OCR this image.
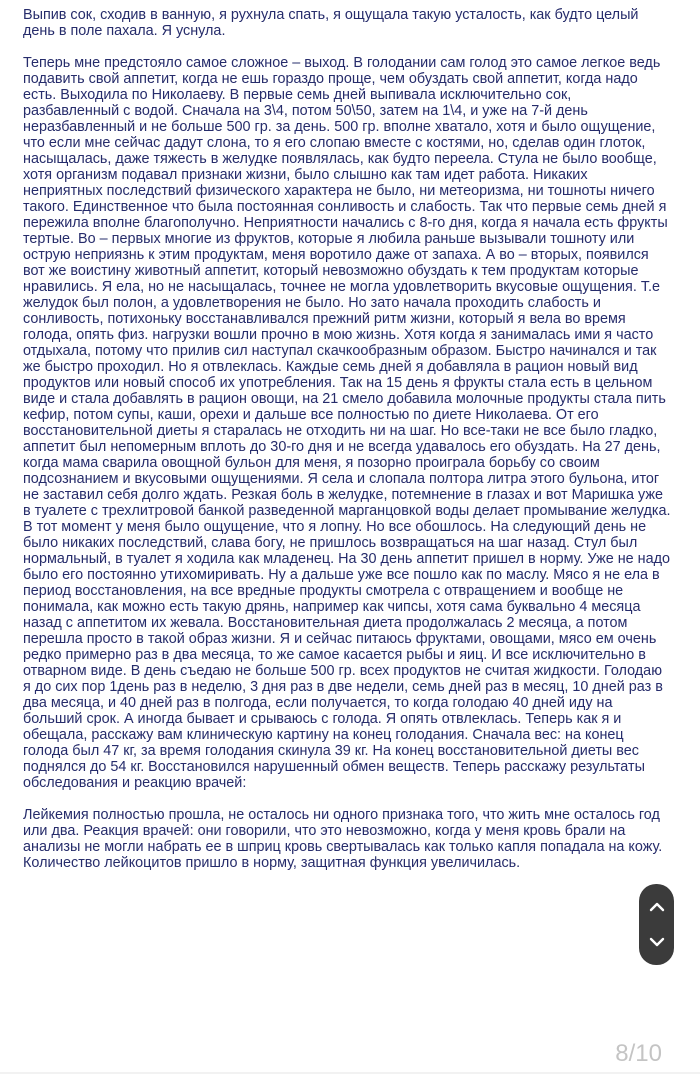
Выпив сок, сходив в ванную, я рухнула спать, я ощущала такую усталость, как будто целый день в поле пахала. Я уснула.

Теперь мне предстояло самое сложное – выход. В голодании сам голод это самое легкое ведь подавить свой аппетит, когда не ешь гораздо проще, чем обуздать свой аппетит, когда надо есть. Выходила по Николаеву. В первые семь дней выпивала исключительно сок, разбавленный с водой. Сначала на 3\4, потом 50\50, затем на 1\4, и уже на 7-й день неразбавленный и не больше 500 гр. за день. 500 гр. вполне хватало, хотя и было ощущение, что если мне сейчас дадут слона, то я его слопаю вместе с костями, но, сделав один глоток, насыщалась, даже тяжесть в желудке появлялась, как будто переела. Стула не было вообще, хотя организм подавал признаки жизни, было слышно как там идет работа. Никаких неприятных последствий физического характера не было, ни метеоризма, ни тошноты ничего такого. Единственное что была постоянная сонливость и слабость. Так что первые семь дней я пережила вполне благополучно. Неприятности начались с 8-го дня, когда я начала есть фрукты тертые. Во – первых многие из фруктов, которые я любила раньше вызывали тошноту или острую неприязнь к этим продуктам, меня воротило даже от запаха. А во – вторых, появился вот же воистину животный аппетит, который невозможно обуздать к тем продуктам которые нравились. Я ела, но не насыщалась, точнее не могла удовлетворить вкусовые ощущения. Т.е желудок был полон, а удовлетворения не было. Но зато начала проходить слабость и сонливость, потихоньку восстанавливался прежний ритм жизни, который я вела во время голода, опять физ. нагрузки вошли прочно в мою жизнь. Хотя когда я занималась ими я часто отдыхала, потому что прилив сил наступал скачкообразным образом. Быстро начинался и так же быстро проходил. Но я отвлеклась. Каждые семь дней я добавляла в рацион новый вид продуктов или новый способ их употребления. Так на 15 день я фрукты стала есть в цельном виде и стала добавлять в рацион овощи, на 21 смело добавила молочные продукты стала пить кефир, потом супы, каши, орехи и дальше все полностью по диете Николаева. От его восстановительной диеты я старалась не отходить ни на шаг. Но все-таки не все было гладко, аппетит был непомерным вплоть до 30-го дня и не всегда удавалось его обуздать. На 27 день, когда мама сварила овощной бульон для меня, я позорно проиграла борьбу со своим подсознанием и вкусовыми ощущениями. Я села и слопала полтора литра этого бульона, итог не заставил себя долго ждать. Резкая боль в желудке, потемнение в глазах и вот Маришка уже в туалете с трехлитровой банкой разведенной марганцовкой воды делает промывание желудка. В тот момент у меня было ощущение, что я лопну. Но все обошлось. На следующий день не было никаких последствий, слава богу, не пришлось возвращаться на шаг назад. Стул был нормальный, в туалет я ходила как младенец. На 30 день аппетит пришел в норму. Уже не надо было его постоянно утихомиривать. Ну а дальше уже все пошло как по маслу. Мясо я не ела в период восстановления, на все вредные продукты смотрела с отвращением и вообще не понимала, как можно есть такую дрянь, например как чипсы, хотя сама буквально 4 месяца назад с аппетитом их жевала. Восстановительная диета продолжалась 2 месяца, а потом перешла просто в такой образ жизни. Я и сейчас питаюсь фруктами, овощами, мясо ем очень редко примерно раз в два месяца, то же самое касается рыбы и яиц. И все исключительно в отварном виде. В день съедаю не больше 500 гр. всех продуктов не считая жидкости. Голодаю я до сих пор 1день раз в неделю, 3 дня раз в две недели, семь дней раз в месяц, 10 дней раз в два месяца, и 40 дней раз в полгода, если получается, то когда голодаю 40 дней иду на больший срок. А иногда бывает и срываюсь с голода. Я опять отвлеклась. Теперь как я и обещала, расскажу вам клиническую картину на конец голодания. Сначала вес: на конец голода был 47 кг, за время голодания скинула 39 кг. На конец восстановительной диеты вес поднялся до 54 кг. Восстановился нарушенный обмен веществ. Теперь расскажу результаты обследования и реакцию врачей:

Лейкемия полностью прошла, не осталось ни одного признака того, что жить мне осталось год или два. Реакция врачей: они говорили, что это невозможно, когда у меня кровь брали на анализы не могли набрать ее в шприц кровь свертывалась как только капля попадала на кожу. Количество лейкоцитов пришло в норму, защитная функция увеличилась.

8/10
